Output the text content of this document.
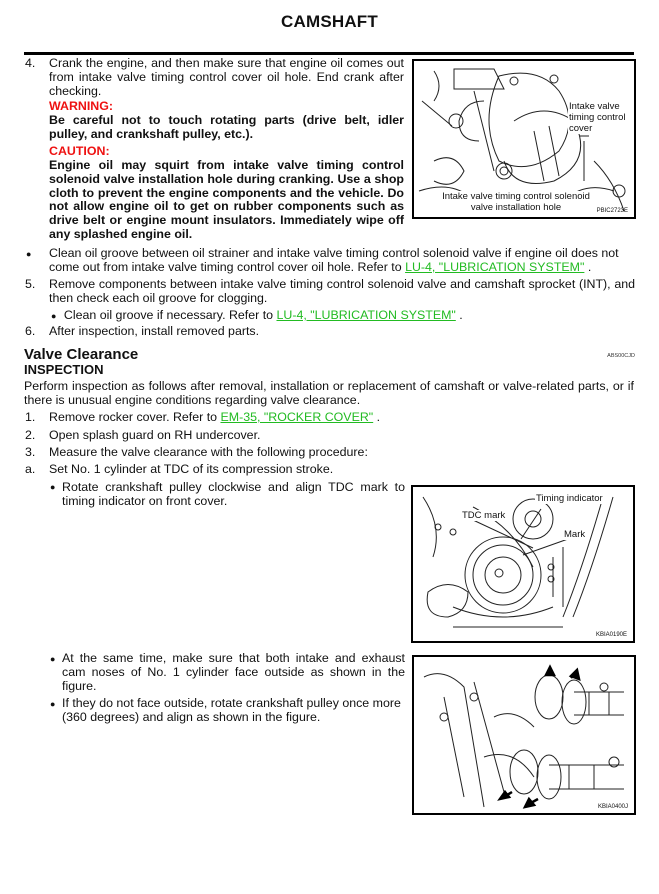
CAMSHAFT
4. Crank the engine, and then make sure that engine oil comes out from intake valve timing control cover oil hole. End crank after checking.
WARNING:
Be careful not to touch rotating parts (drive belt, idler pulley, and crankshaft pulley, etc.).
CAUTION:
Engine oil may squirt from intake valve timing control solenoid valve installation hole during cranking. Use a shop cloth to prevent the engine components and the vehicle. Do not allow engine oil to get on rubber components such as drive belt or engine mount insulators. Immediately wipe off any splashed engine oil.
Intake valve timing control cover
Intake valve timing control solenoid valve installation hole	PBIC2723E
● Clean oil groove between oil strainer and intake valve timing control solenoid valve if engine oil does not come out from intake valve timing control cover oil hole. Refer to LU-4, "LUBRICATION SYSTEM" .
5. Remove components between intake valve timing control solenoid valve and camshaft sprocket (INT), and then check each oil groove for clogging.
● Clean oil groove if necessary. Refer to LU-4, "LUBRICATION SYSTEM" .
6. After inspection, install removed parts.
Valve Clearance	ABS00CJD
INSPECTION
Perform inspection as follows after removal, installation or replacement of camshaft or valve-related parts, or if there is unusual engine conditions regarding valve clearance.
1. Remove rocker cover. Refer to EM-35, "ROCKER COVER" .
2. Open splash guard on RH undercover.
3. Measure the valve clearance with the following procedure:
a. Set No. 1 cylinder at TDC of its compression stroke.
● Rotate crankshaft pulley clockwise and align TDC mark to timing indicator on front cover.	Timing indicator
TDC mark
Mark
KBIA0190E
● At the same time, make sure that both intake and exhaust cam noses of No. 1 cylinder face outside as shown in the figure.
● If they do not face outside, rotate crankshaft pulley once more (360 degrees) and align as shown in the figure.
KBIA0400J
